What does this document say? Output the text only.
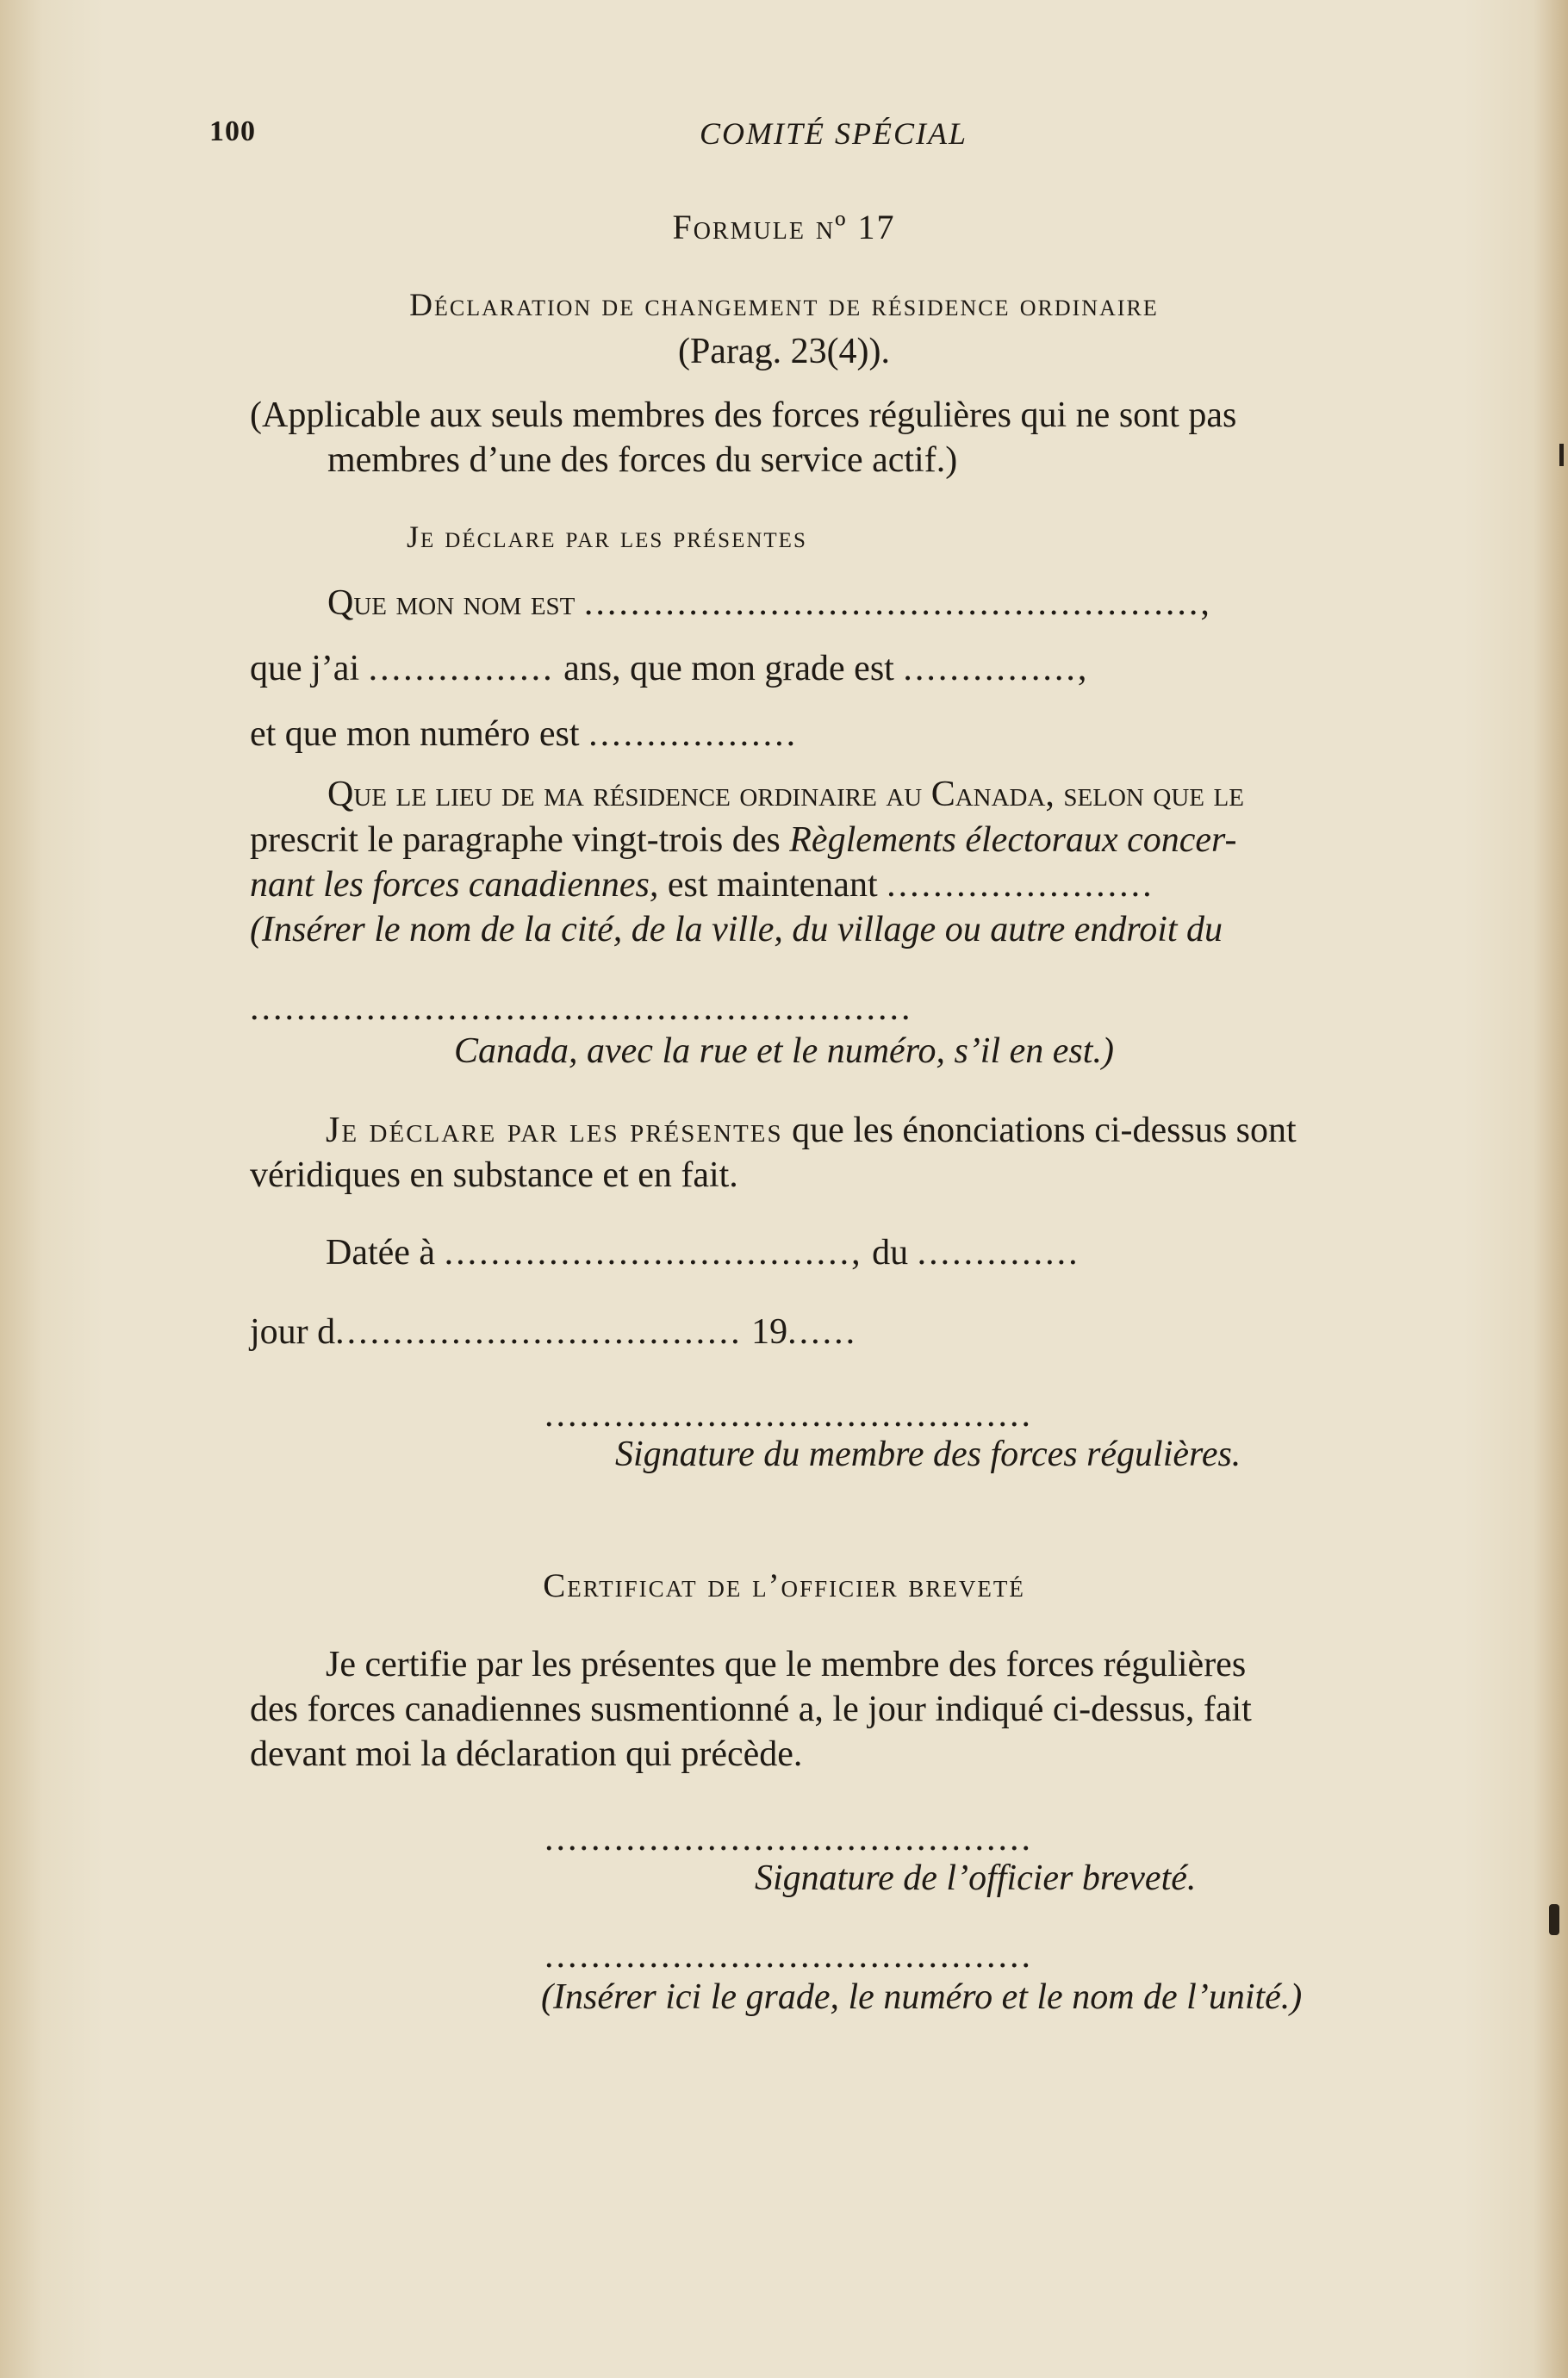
100	COMITÉ SPÉCIAL
Formule nº 17
Déclaration de changement de résidence ordinaire
(Parag. 23(4)).
(Applicable aux seuls membres des forces régulières qui ne sont pas
membres d’une des forces du service actif.)
Je déclare par les présentes
Que mon nom est .....................................................,
que j’ai ................ ans, que mon grade est ...............,
et que mon numéro est ..................
Que le lieu de ma résidence ordinaire au Canada, selon que le
prescrit le paragraphe vingt-trois des Règlements électoraux concer-
nant les forces canadiennes, est maintenant .......................
(Insérer le nom de la cité, de la ville, du village ou autre endroit du
.........................................................
Canada, avec la rue et le numéro, s’il en est.)
Je déclare par les présentes que les énonciations ci-dessus sont
véridiques en substance et en fait.
Datée à ..................................., du ..............
jour d................................... 19......
..........................................
Signature du membre des forces régulières.
Certificat de l’officier breveté
Je certifie par les présentes que le membre des forces régulières
des forces canadiennes susmentionné a, le jour indiqué ci-dessus, fait
devant moi la déclaration qui précède.
..........................................
Signature de l’officier breveté.
..........................................
(Insérer ici le grade, le numéro et le nom de l’unité.)
